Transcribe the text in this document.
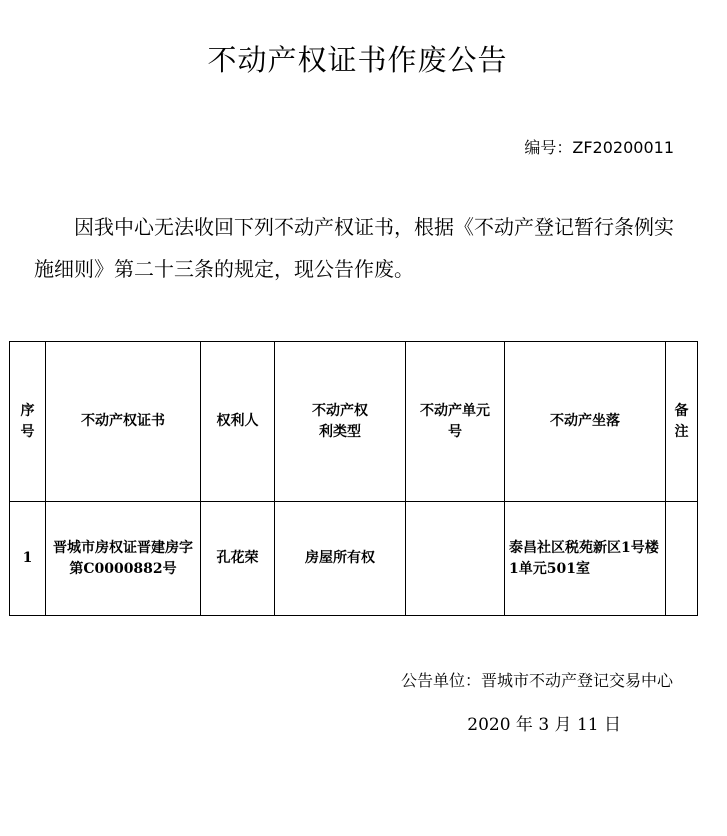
不动产权证书作废公告
编号：ZF20200011
因我中心无法收回下列不动产权证书，根据《不动产登记暂行条例实施细则》第二十三条的规定，现公告作废。
序号	不动产权证书	权利人	不动产权利类型	不动产单元号	不动产坐落	备注
1	晋城市房权证晋建房字第C0000882号	孔花荣	房屋所有权		泰昌社区税苑新区1号楼1单元501室	
公告单位：晋城市不动产登记交易中心
2020 年 3 月 11 日
